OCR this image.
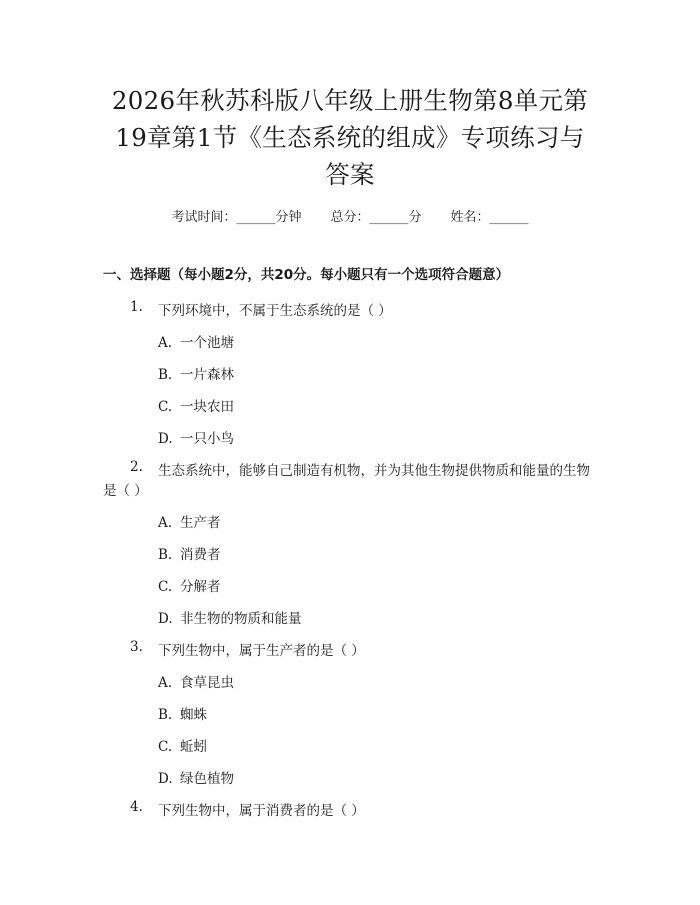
2026年秋苏科版八年级上册生物第8单元第
19章第1节《生态系统的组成》专项练习与
答案
考试时间：______分钟 总分：______分 姓名：______
一、选择题（每小题2分，共20分。每小题只有一个选项符合题意）
1. 下列环境中，不属于生态系统的是（ ）
A. 一个池塘
B. 一片森林
C. 一块农田
D. 一只小鸟
2. 生态系统中，能够自己制造有机物，并为其他生物提供物质和能量的生物
是（ ）
A. 生产者
B. 消费者
C. 分解者
D. 非生物的物质和能量
3. 下列生物中，属于生产者的是（ ）
A. 食草昆虫
B. 蜘蛛
C. 蚯蚓
D. 绿色植物
4. 下列生物中，属于消费者的是（ ）
